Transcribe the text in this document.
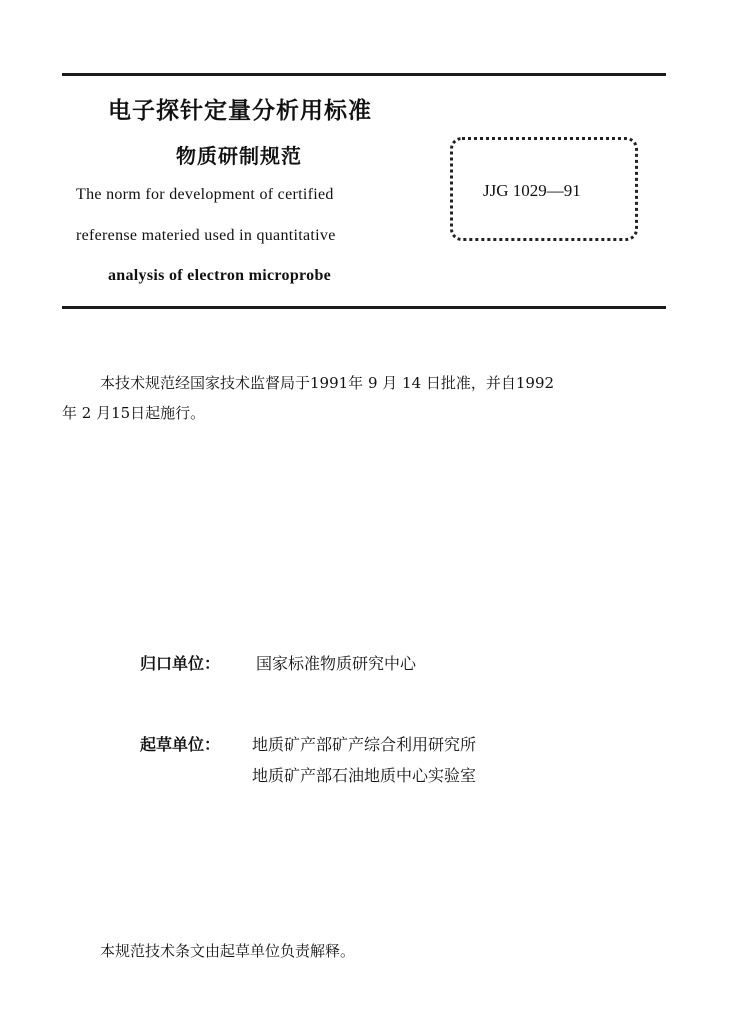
电子探针定量分析用标准
物质研制规范
The norm for development of certified
referense materied used in quantitative
analysis of electron microprobe
JJG 1029—91
本技术规范经国家技术监督局于1991年 9 月 14 日批准，并自1992
年 2 月15日起施行。
归口单位： 国家标准物质研究中心
起草单位： 地质矿产部矿产综合利用研究所
地质矿产部石油地质中心实验室
本规范技术条文由起草单位负责解释。
